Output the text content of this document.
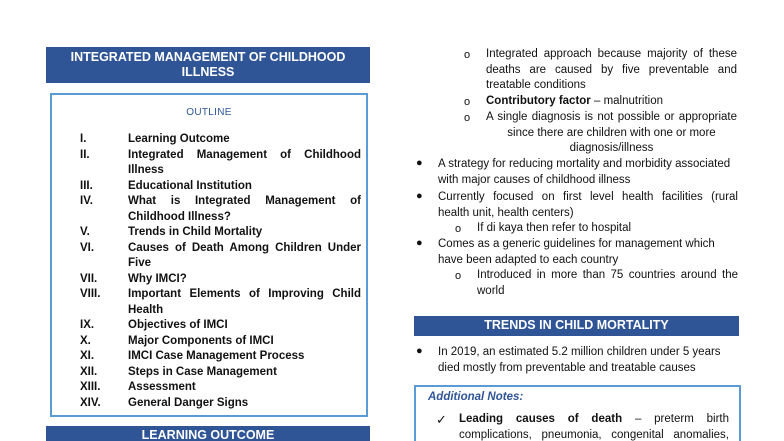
INTEGRATED MANAGEMENT OF CHILDHOOD
ILLNESS
OUTLINE
I.	Learning Outcome
II.	Integrated Management of Childhood
Illness
III.	Educational Institution
IV.	What is Integrated Management of
Childhood Illness?
V.	Trends in Child Mortality
VI.	Causes of Death Among Children Under
Five
VII.	Why IMCI?
VIII. Important Elements of Improving Child
Health
IX.	Objectives of IMCI
X.	Major Components of IMCI
XI.	IMCI Case Management Process
XII.	Steps in Case Management
XIII. Assessment
XIV. General Danger Signs
LEARNING OUTCOME
o Integrated approach because majority of these
deaths are caused by five preventable and
treatable conditions
o Contributory factor – malnutrition
o A single diagnosis is not possible or appropriate
since there are children with one or more
diagnosis/illness
● A strategy for reducing mortality and morbidity associated
with major causes of childhood illness
● Currently focused on first level health facilities (rural
health unit, health centers)
o If di kaya then refer to hospital
● Comes as a generic guidelines for management which
have been adapted to each country
o Introduced in more than 75 countries around the
world
TRENDS IN CHILD MORTALITY
● In 2019, an estimated 5.2 million children under 5 years
died mostly from preventable and treatable causes
Additional Notes:
✓ Leading causes of death – preterm birth
complications, pneumonia, congenital anomalies,
